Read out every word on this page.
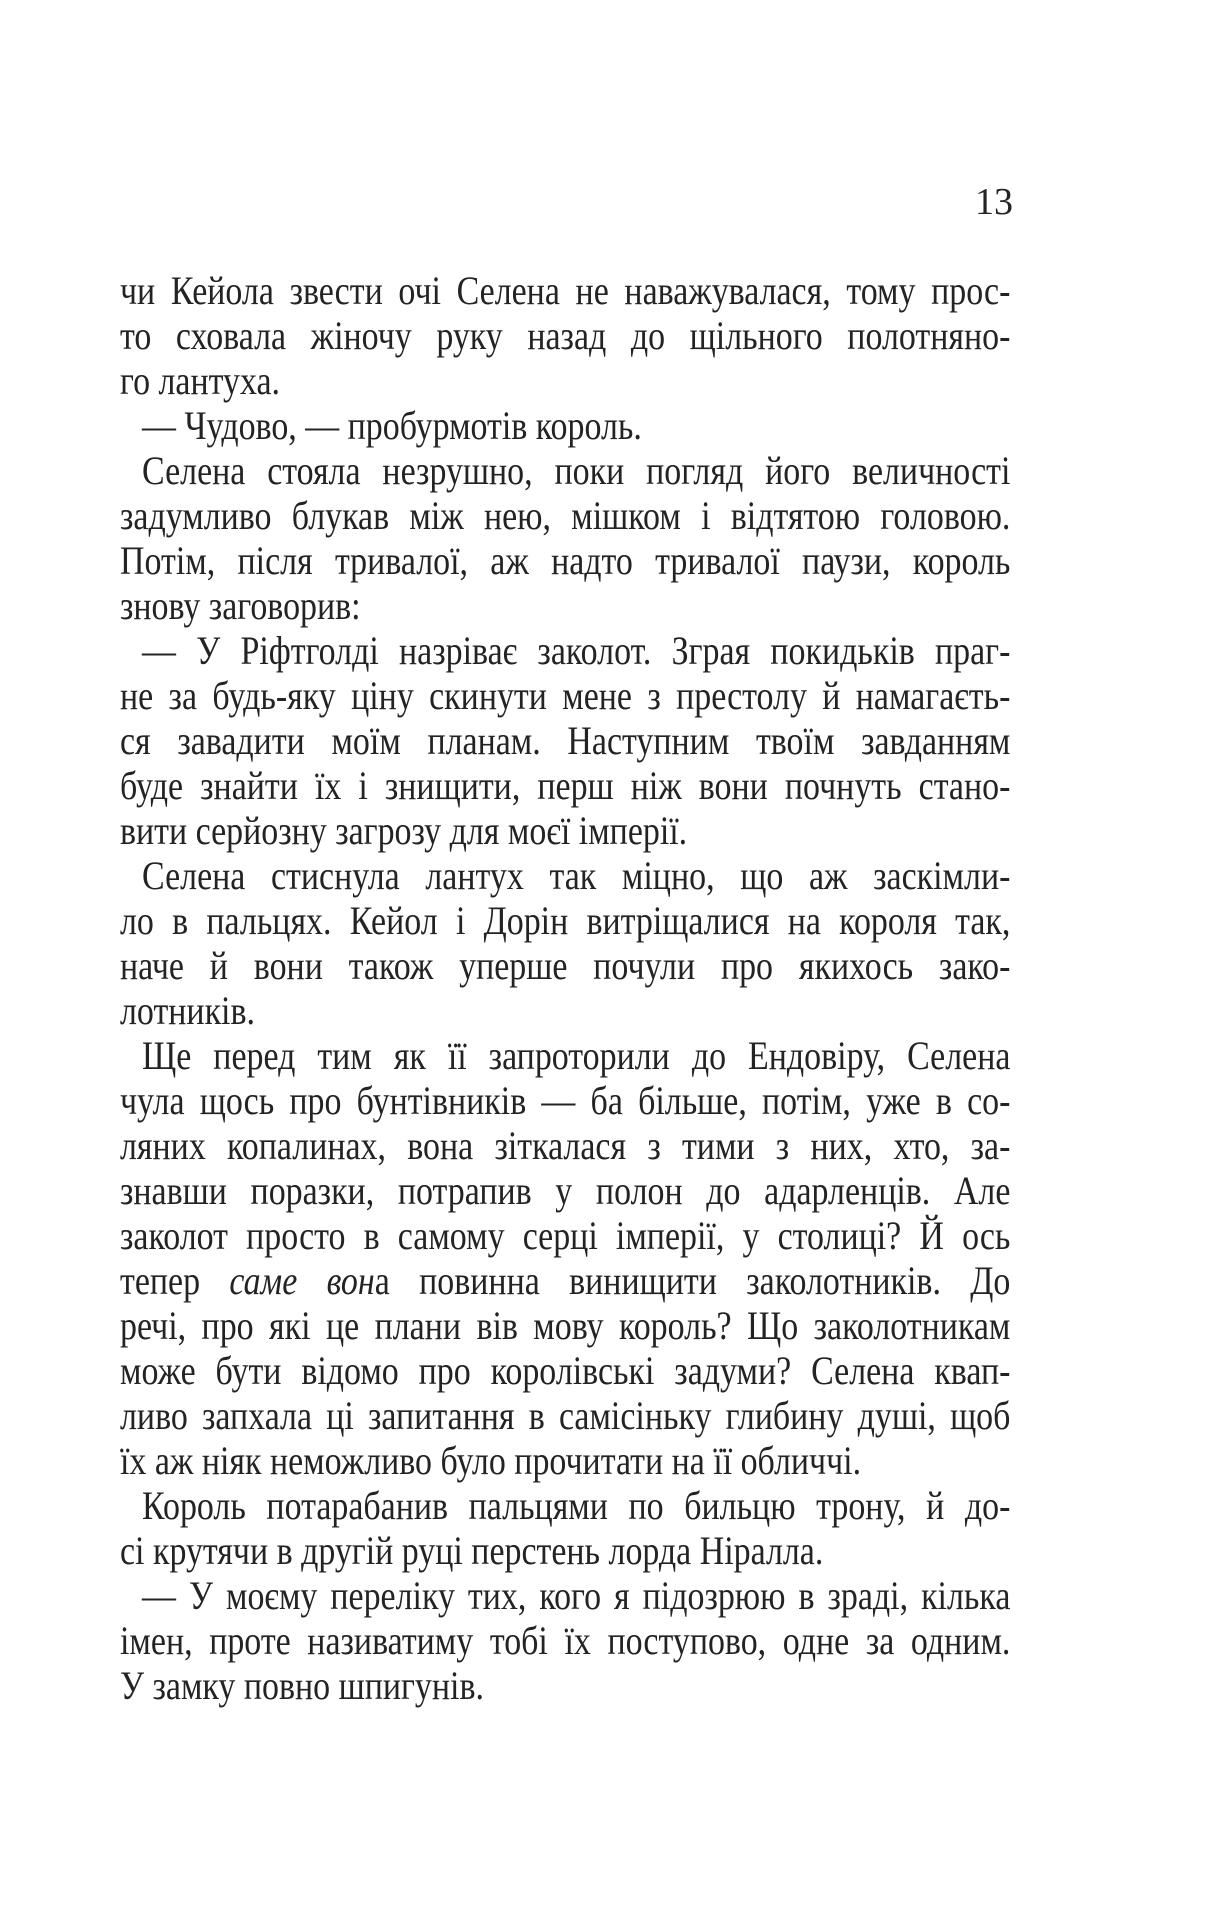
13
чи Кейола звести очі Селена не наважувалася, тому прос-
то сховала жіночу руку назад до щільного полотняно-
го лантуха.
— Чудово, — пробурмотів король.
Селена стояла незрушно, поки погляд його величності
задумливо блукав між нею, мішком і відтятою головою.
Потім, після тривалої, аж надто тривалої паузи, король
знову заговорив:
— У Ріфтголді назріває заколот. Зграя покидьків праг-
не за будь-яку ціну скинути мене з престолу й намагаєть-
ся завадити моїм планам. Наступним твоїм завданням
буде знайти їх і знищити, перш ніж вони почнуть стано-
вити серйозну загрозу для моєї імперії.
Селена стиснула лантух так міцно, що аж заскімли-
ло в пальцях. Кейол і Дорін витріщалися на короля так,
наче й вони також уперше почули про якихось зако-
лотників.
Ще перед тим як її запроторили до Ендовіру, Селена
чула щось про бунтівників — ба більше, потім, уже в со-
ляних копалинах, вона зіткалася з тими з них, хто, за-
знавши поразки, потрапив у полон до адарленців. Але
заколот просто в самому серці імперії, у столиці? Й ось
тепер саме вона повинна винищити заколотників. До
речі, про які це плани вів мову король? Що заколотникам
може бути відомо про королівські задуми? Селена квап-
ливо запхала ці запитання в самісіньку глибину душі, щоб
їх аж ніяк неможливо було прочитати на її обличчі.
Король потарабанив пальцями по бильцю трону, й до-
сі крутячи в другій руці перстень лорда Ніралла.
— У моєму переліку тих, кого я підозрюю в зраді, кілька
імен, проте називатиму тобі їх поступово, одне за одним.
У замку повно шпигунів.
